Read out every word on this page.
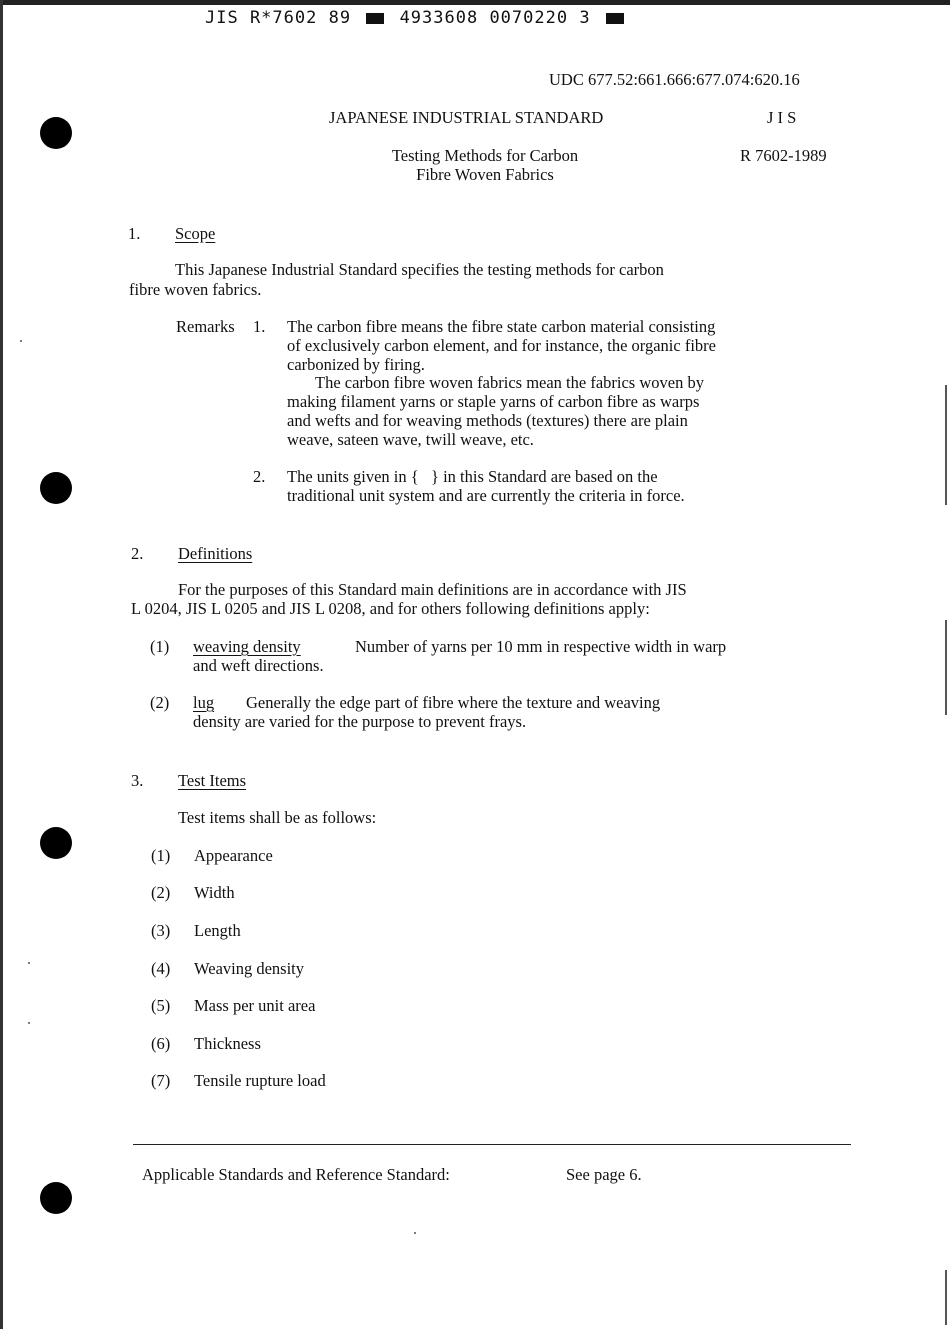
JIS R*7602 89	4933608 0070220 3
UDC 677.52:661.666:677.074:620.16
JAPANESE INDUSTRIAL STANDARD	J I S
Testing Methods for Carbon
Fibre Woven Fabrics
R 7602-1989
1. Scope
This Japanese Industrial Standard specifies the testing methods for carbon
fibre woven fabrics.
Remarks 1. The carbon fibre means the fibre state carbon material consisting
of exclusively carbon element, and for instance, the organic fibre
carbonized by firing.
The carbon fibre woven fabrics mean the fabrics woven by
making filament yarns or staple yarns of carbon fibre as warps
and wefts and for weaving methods (textures) there are plain
weave, sateen wave, twill weave, etc.
2. The units given in {   } in this Standard are based on the
traditional unit system and are currently the criteria in force.
2. Definitions
For the purposes of this Standard main definitions are in accordance with JIS
L 0204, JIS L 0205 and JIS L 0208, and for others following definitions apply:
(1) weaving density	Number of yarns per 10 mm in respective width in warp
and weft directions.
(2) lug Generally the edge part of fibre where the texture and weaving
density are varied for the purpose to prevent frays.
3. Test Items
Test items shall be as follows:
(1) Appearance
(2) Width
(3) Length
(4) Weaving density
(5) Mass per unit area
(6) Thickness
(7) Tensile rupture load
Applicable Standards and Reference Standard:	See page 6.
